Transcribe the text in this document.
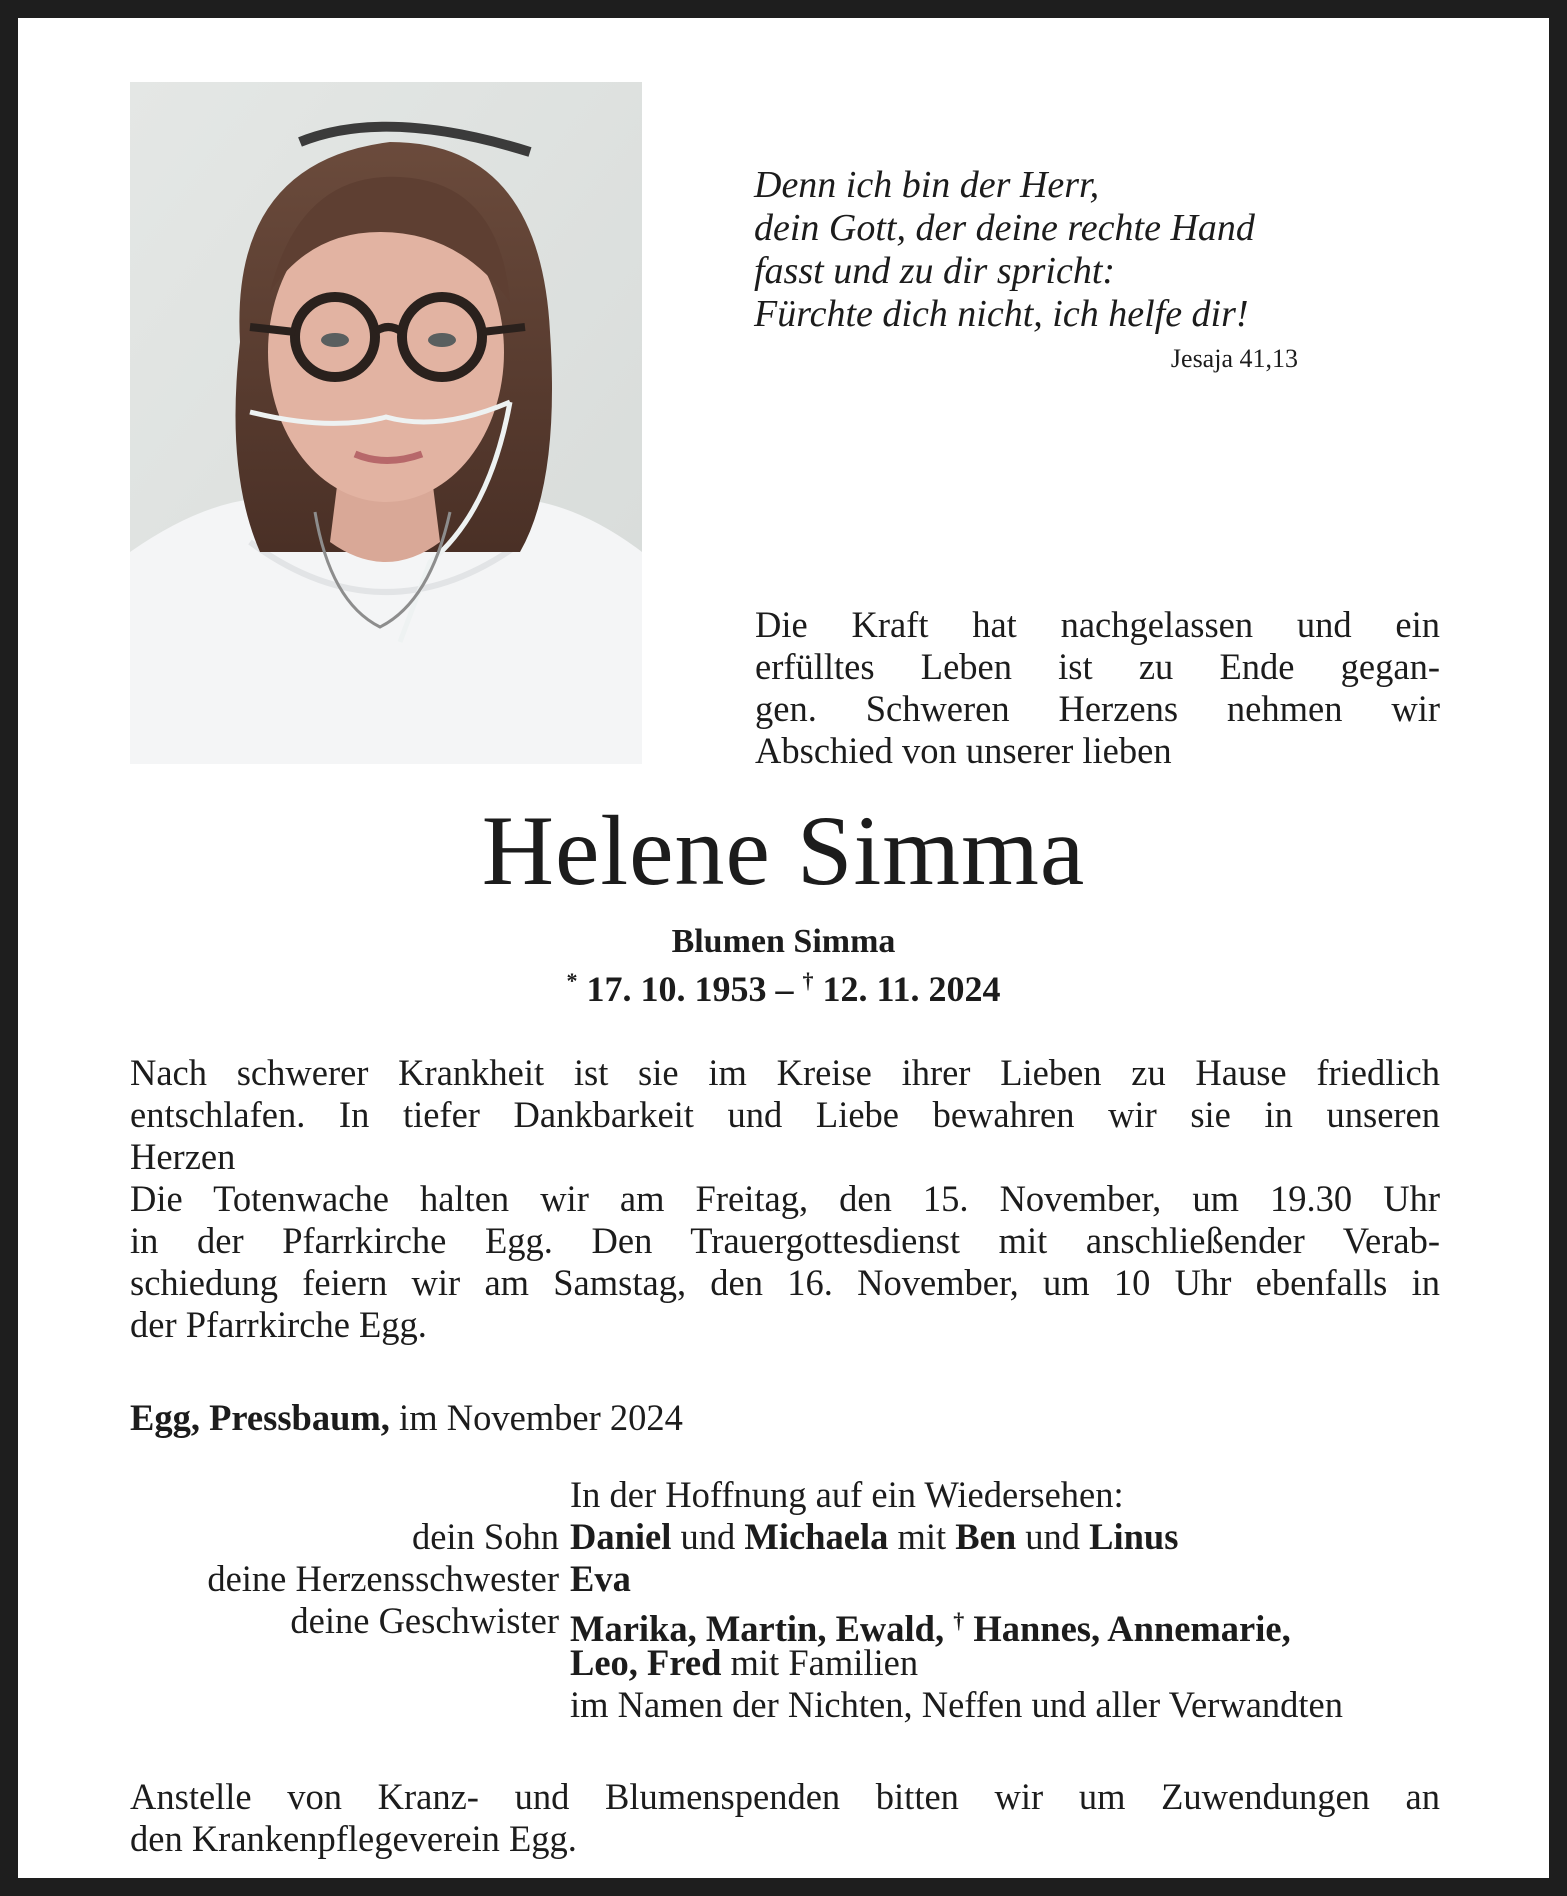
Denn ich bin der Herr,
dein Gott, der deine rechte Hand
fasst und zu dir spricht:
Fürchte dich nicht, ich helfe dir!
Jesaja 41,13
Die Kraft hat nachgelassen und ein
erfülltes Leben ist zu Ende gegan-
gen. Schweren Herzens nehmen wir
Abschied von unserer lieben
Helene Simma
Blumen Simma
* 17. 10. 1953 – † 12. 11. 2024
Nach schwerer Krankheit ist sie im Kreise ihrer Lieben zu Hause friedlich
entschlafen. In tiefer Dankbarkeit und Liebe bewahren wir sie in unseren
Herzen
Die Totenwache halten wir am Freitag, den 15. November, um 19.30 Uhr
in der Pfarrkirche Egg. Den Trauergottesdienst mit anschließender Verab-
schiedung feiern wir am Samstag, den 16. November, um 10 Uhr ebenfalls in
der Pfarrkirche Egg.
Egg, Pressbaum, im November 2024
In der Hoffnung auf ein Wiedersehen:
dein Sohn Daniel und Michaela mit Ben und Linus
deine Herzensschwester Eva
deine Geschwister Marika, Martin, Ewald, † Hannes, Annemarie,
Leo, Fred mit Familien
im Namen der Nichten, Neffen und aller Verwandten
Anstelle von Kranz- und Blumenspenden bitten wir um Zuwendungen an
den Krankenpflegeverein Egg.
